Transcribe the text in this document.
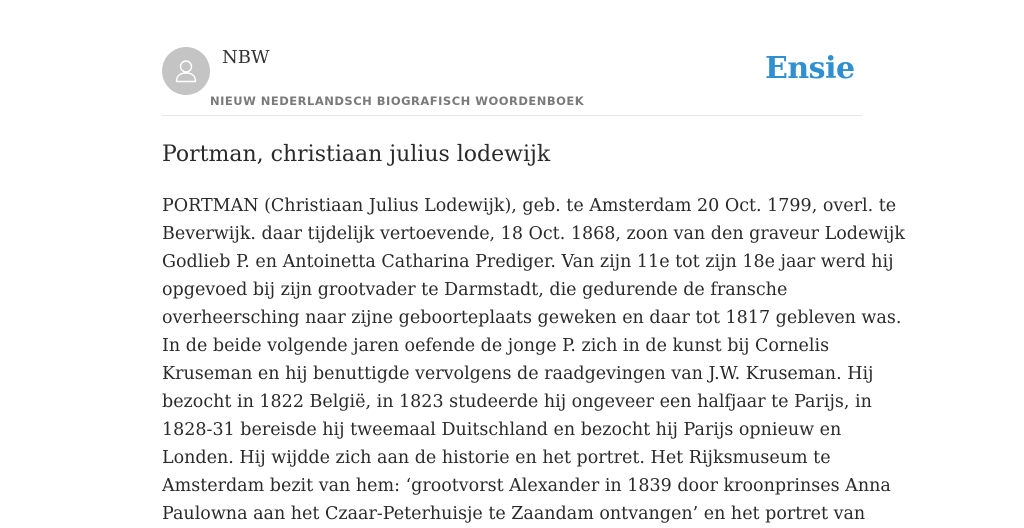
NBW
NIEUW NEDERLANDSCH BIOGRAFISCH WOORDENBOEK
Ensie
Portman, christiaan julius lodewijk
PORTMAN (Christiaan Julius Lodewijk), geb. te Amsterdam 20 Oct. 1799, overl. te
Beverwijk. daar tijdelijk vertoevende, 18 Oct. 1868, zoon van den graveur Lodewijk
Godlieb P. en Antoinetta Catharina Prediger. Van zijn 11e tot zijn 18e jaar werd hij
opgevoed bij zijn grootvader te Darmstadt, die gedurende de fransche
overheersching naar zijne geboorteplaats geweken en daar tot 1817 gebleven was.
In de beide volgende jaren oefende de jonge P. zich in de kunst bij Cornelis
Kruseman en hij benuttigde vervolgens de raadgevingen van J.W. Kruseman. Hij
bezocht in 1822 België, in 1823 studeerde hij ongeveer een halfjaar te Parijs, in
1828-31 bereisde hij tweemaal Duitschland en bezocht hij Parijs opnieuw en
Londen. Hij wijdde zich aan de historie en het portret. Het Rijksmuseum te
Amsterdam bezit van hem: ‘grootvorst Alexander in 1839 door kroonprinses Anna
Paulowna aan het Czaar-Peterhuisje te Zaandam ontvangen’ en het portret van
